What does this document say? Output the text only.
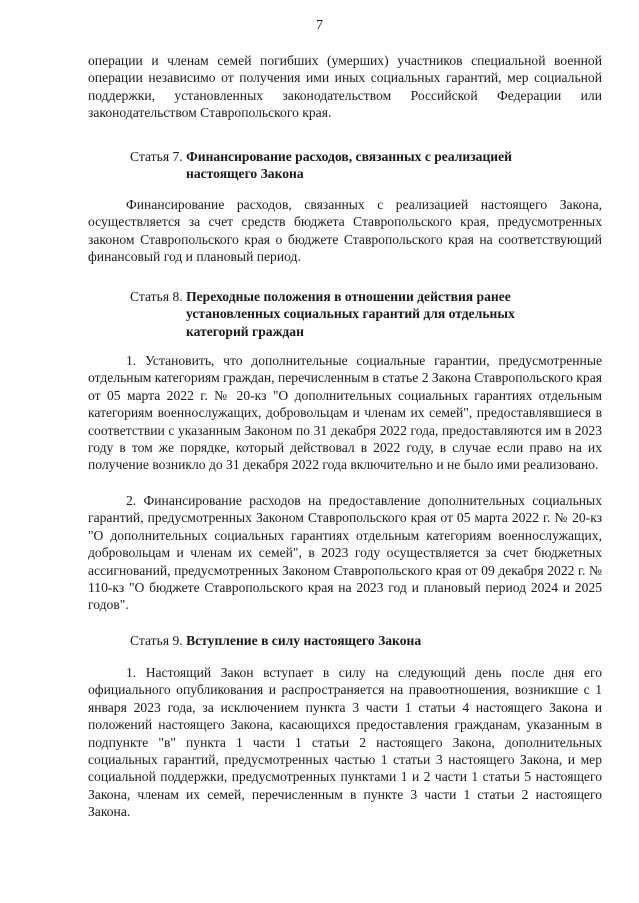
7

операции и членам семей погибших (умерших) участников специальной военной операции независимо от получения ими иных социальных гарантий, мер социальной поддержки, установленных законодательством Российской Федерации или законодательством Ставропольского края.

Статья 7. Финансирование расходов, связанных с реализацией
настоящего Закона

Финансирование расходов, связанных с реализацией настоящего Закона, осуществляется за счет средств бюджета Ставропольского края, предусмотренных законом Ставропольского края о бюджете Ставропольского края на соответствующий финансовый год и плановый период.

Статья 8. Переходные положения в отношении действия ранее
установленных социальных гарантий для отдельных
категорий граждан

1. Установить, что дополнительные социальные гарантии, предусмотренные отдельным категориям граждан, перечисленным в статье 2 Закона Ставропольского края от 05 марта 2022 г. № 20-кз "О дополнительных социальных гарантиях отдельным категориям военнослужащих, добровольцам и членам их семей", предоставлявшиеся в соответствии с указанным Законом по 31 декабря 2022 года, предоставляются им в 2023 году в том же порядке, который действовал в 2022 году, в случае если право на их получение возникло до 31 декабря 2022 года включительно и не было ими реализовано.

2. Финансирование расходов на предоставление дополнительных социальных гарантий, предусмотренных Законом Ставропольского края от 05 марта 2022 г. № 20-кз "О дополнительных социальных гарантиях отдельным категориям военнослужащих, добровольцам и членам их семей", в 2023 году осуществляется за счет бюджетных ассигнований, предусмотренных Законом Ставропольского края от 09 декабря 2022 г. № 110-кз "О бюджете Ставропольского края на 2023 год и плановый период 2024 и 2025 годов".

Статья 9. Вступление в силу настоящего Закона

1. Настоящий Закон вступает в силу на следующий день после дня его официального опубликования и распространяется на правоотношения, возникшие с 1 января 2023 года, за исключением пункта 3 части 1 статьи 4 настоящего Закона и положений настоящего Закона, касающихся предоставления гражданам, указанным в подпункте "в" пункта 1 части 1 статьи 2 настоящего Закона, дополнительных социальных гарантий, предусмотренных частью 1 статьи 3 настоящего Закона, и мер социальной поддержки, предусмотренных пунктами 1 и 2 части 1 статьи 5 настоящего Закона, членам их семей, перечисленным в пункте 3 части 1 статьи 2 настоящего Закона.
